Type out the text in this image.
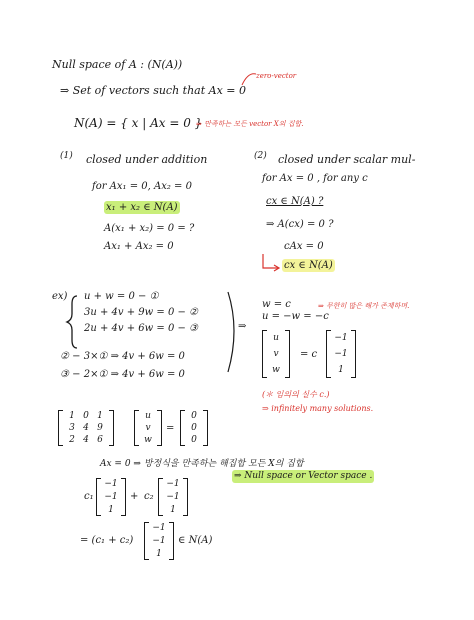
Null space of A : (N(A))
⇒ Set of vectors such that Ax = 0
zero-vector
N(A) = { x | Ax = 0 }
⇒ 만족하는 모든 vector X의 집합.
(1) closed under addition
for Ax₁ = 0, Ax₂ = 0
x₁ + x₂ ∈ N(A)
A(x₁ + x₂) = 0 = ?
Ax₁ + Ax₂ = 0
(2) closed under scalar mul-
for Ax = 0 , for any c
cx ∈ N(A) ?
⇒ A(cx) = 0 ?
cAx = 0
cx ∈ N(A)
ex) u + w = 0 − ①
3u + 4v + 9w = 0 − ②
2u + 4v + 6w = 0 − ③
② − 3×① ⇒ 4v + 6w = 0
③ − 2×① ⇒ 4v + 6w = 0
⇒
w = c
u = −w = −c
⇒ 무한히 많은 해가 존재하며.
u
v
w
= c
−1
−1
1
(＊ 임의의 실수 c.)
⇒ infinitely many solutions.
1 0 1
3 4 9
2 4 6
u
v
w
=
0
0
0
Ax = 0 ⇒ 방정식을 만족하는 해집합 모든 X의 집합
⇒ Null space or Vector space .
c₁
−1
−1
1
+ c₂
−1
−1
1
= (c₁ + c₂)
−1
−1
1
∈ N(A)
